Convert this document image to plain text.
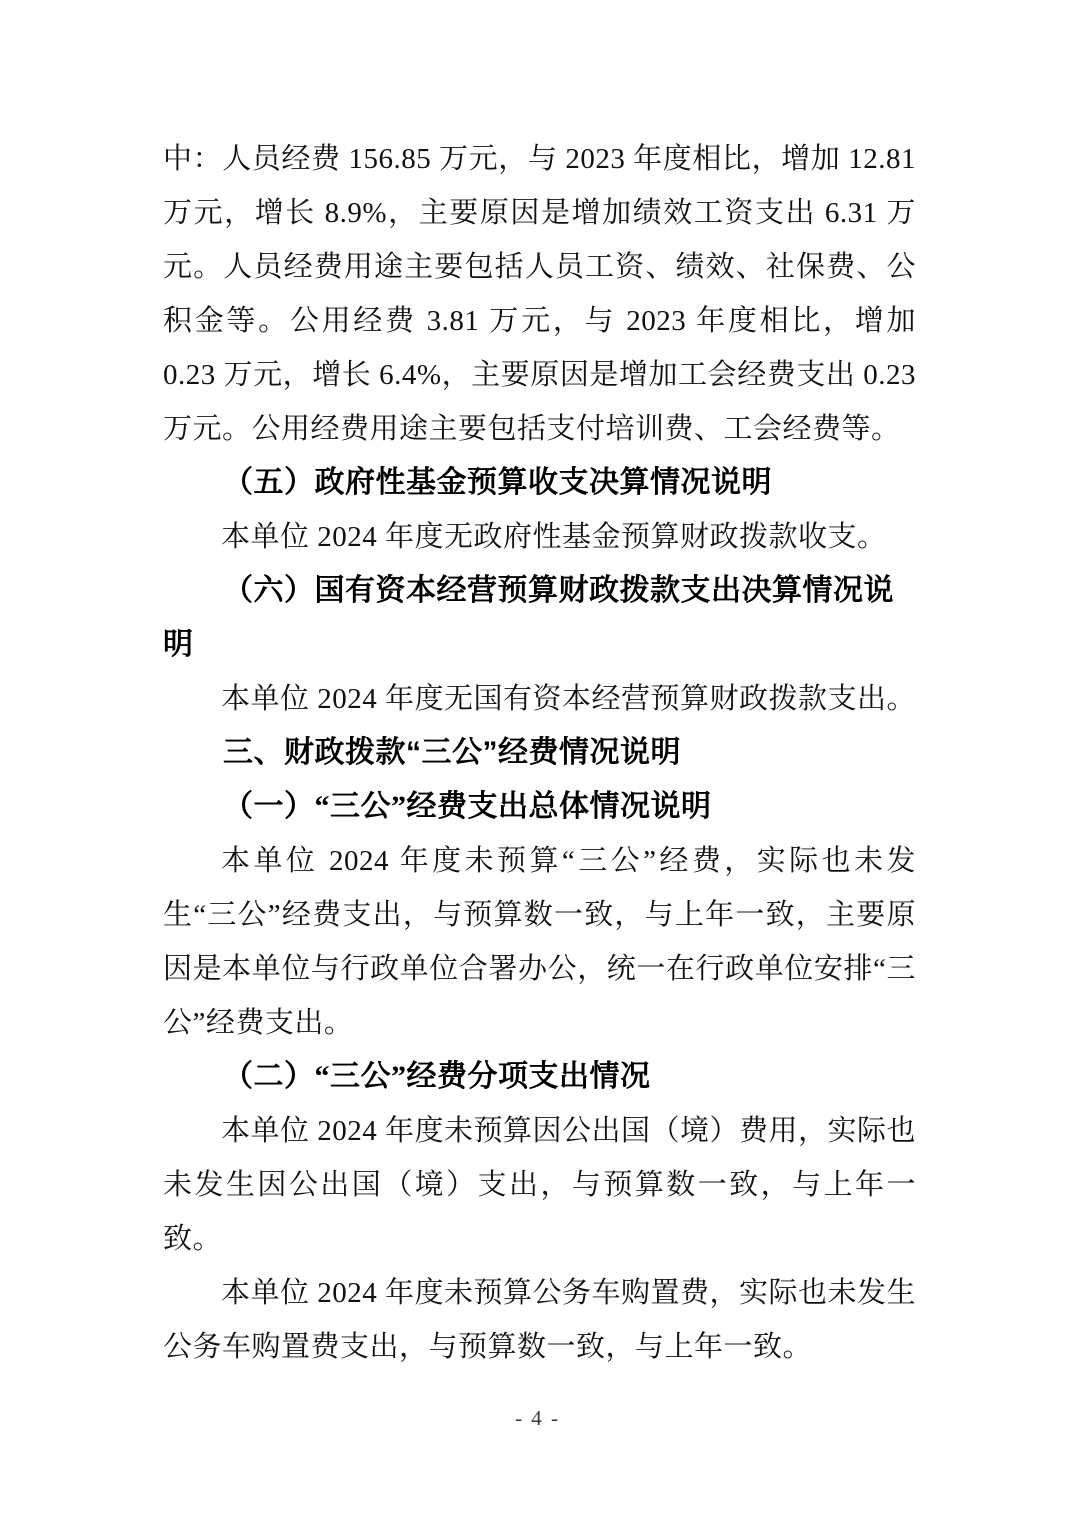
中：人员经费 156.85 万元，与 2023 年度相比，增加 12.81 万元，增长 8.9%，主要原因是增加绩效工资支出 6.31 万元。人员经费用途主要包括人员工资、绩效、社保费、公积金等。公用经费 3.81 万元，与 2023 年度相比，增加 0.23 万元，增长 6.4%，主要原因是增加工会经费支出 0.23 万元。公用经费用途主要包括支付培训费、工会经费等。

（五）政府性基金预算收支决算情况说明

本单位 2024 年度无政府性基金预算财政拨款收支。

（六）国有资本经营预算财政拨款支出决算情况说明

本单位 2024 年度无国有资本经营预算财政拨款支出。

三、财政拨款“三公”经费情况说明

（一）“三公”经费支出总体情况说明

本单位 2024 年度未预算“三公”经费，实际也未发生“三公”经费支出，与预算数一致，与上年一致，主要原因是本单位与行政单位合署办公，统一在行政单位安排“三公”经费支出。

（二）“三公”经费分项支出情况

本单位 2024 年度未预算因公出国（境）费用，实际也未发生因公出国（境）支出，与预算数一致，与上年一致。

本单位 2024 年度未预算公务车购置费，实际也未发生公务车购置费支出，与预算数一致，与上年一致。

- 4 -
